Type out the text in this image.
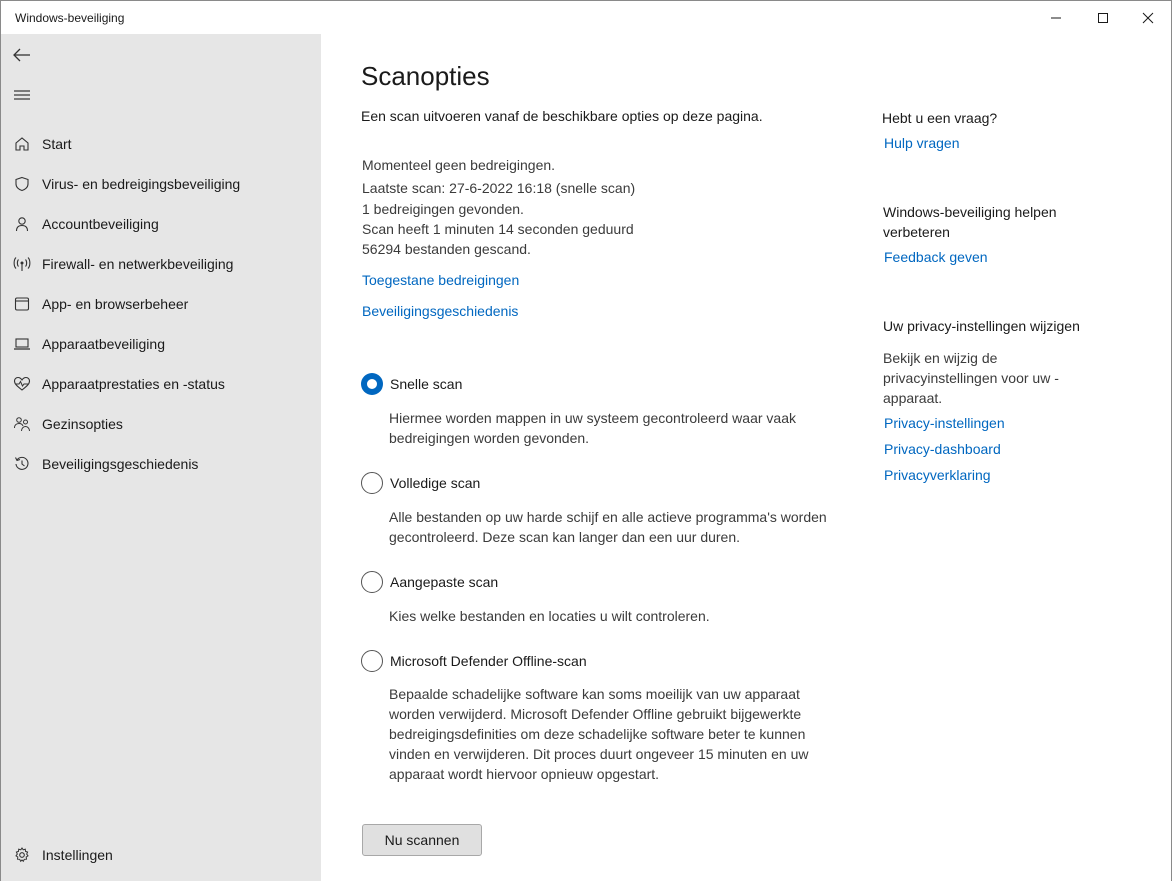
Windows-beveiliging
Start
Virus- en bedreigingsbeveiliging
Accountbeveiliging
Firewall- en netwerkbeveiliging
App- en browserbeheer
Apparaatbeveiliging
Apparaatprestaties en -status
Gezinsopties
Beveiligingsgeschiedenis
Instellingen
Scanopties
Een scan uitvoeren vanaf de beschikbare opties op deze pagina.
Momenteel geen bedreigingen.
Laatste scan: 27-6-2022 16:18 (snelle scan)
1 bedreigingen gevonden.
Scan heeft 1 minuten 14 seconden geduurd
56294 bestanden gescand.
Toegestane bedreigingen
Beveiligingsgeschiedenis
Snelle scan
Hiermee worden mappen in uw systeem gecontroleerd waar vaak bedreigingen worden gevonden.
Volledige scan
Alle bestanden op uw harde schijf en alle actieve programma's worden gecontroleerd. Deze scan kan langer dan een uur duren.
Aangepaste scan
Kies welke bestanden en locaties u wilt controleren.
Microsoft Defender Offline-scan
Bepaalde schadelijke software kan soms moeilijk van uw apparaat worden verwijderd. Microsoft Defender Offline gebruikt bijgewerkte bedreigingsdefinities om deze schadelijke software beter te kunnen vinden en verwijderen. Dit proces duurt ongeveer 15 minuten en uw apparaat wordt hiervoor opnieuw opgestart.
Nu scannen
Hebt u een vraag?
Hulp vragen
Windows-beveiliging helpen verbeteren
Feedback geven
Uw privacy-instellingen wijzigen
Bekijk en wijzig de privacyinstellingen voor uw - apparaat.
Privacy-instellingen
Privacy-dashboard
Privacyverklaring
